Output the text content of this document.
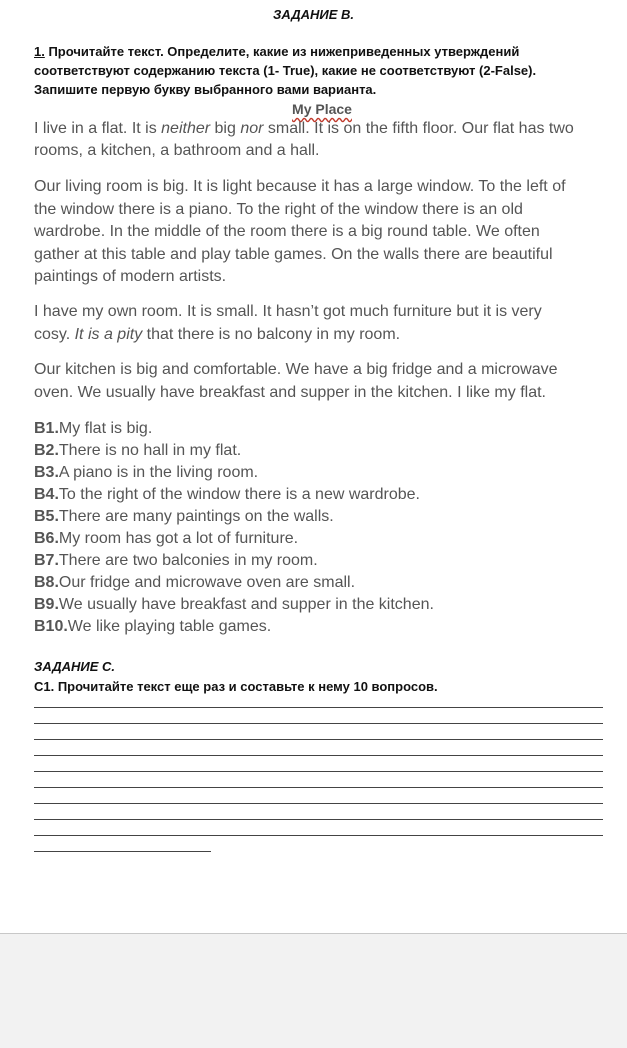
ЗАДАНИЕ В.
1. Прочитайте текст. Определите, какие из нижеприведенных утверждений
соответствуют содержанию текста (1- True), какие не соответствуют (2-False).
Запишите первую букву выбранного вами варианта.
My Place
I live in a flat. It is neither big nor small. It is on the fifth floor. Our flat has two
rooms, a kitchen, a bathroom and a hall.
Our living room is big. It is light because it has a large window. To the left of
the window there is a piano. To the right of the window there is an old
wardrobe. In the middle of the room there is a big round table. We often
gather at this table and play table games. On the walls there are beautiful
paintings of modern artists.
I have my own room. It is small. It hasn’t got much furniture but it is very
cosy. It is a pity that there is no balcony in my room.
Our kitchen is big and comfortable. We have a big fridge and a microwave
oven. We usually have breakfast and supper in the kitchen. I like my flat.
B1.My flat is big.
B2.There is no hall in my flat.
B3.A piano is in the living room.
B4.To the right of the window there is a new wardrobe.
B5.There are many paintings on the walls.
B6.My room has got a lot of furniture.
B7.There are two balconies in my room.
B8.Our fridge and microwave oven are small.
B9.We usually have breakfast and supper in the kitchen.
B10.We like playing table games.
ЗАДАНИЕ С.
С1. Прочитайте текст еще раз и составьте к нему 10 вопросов.
